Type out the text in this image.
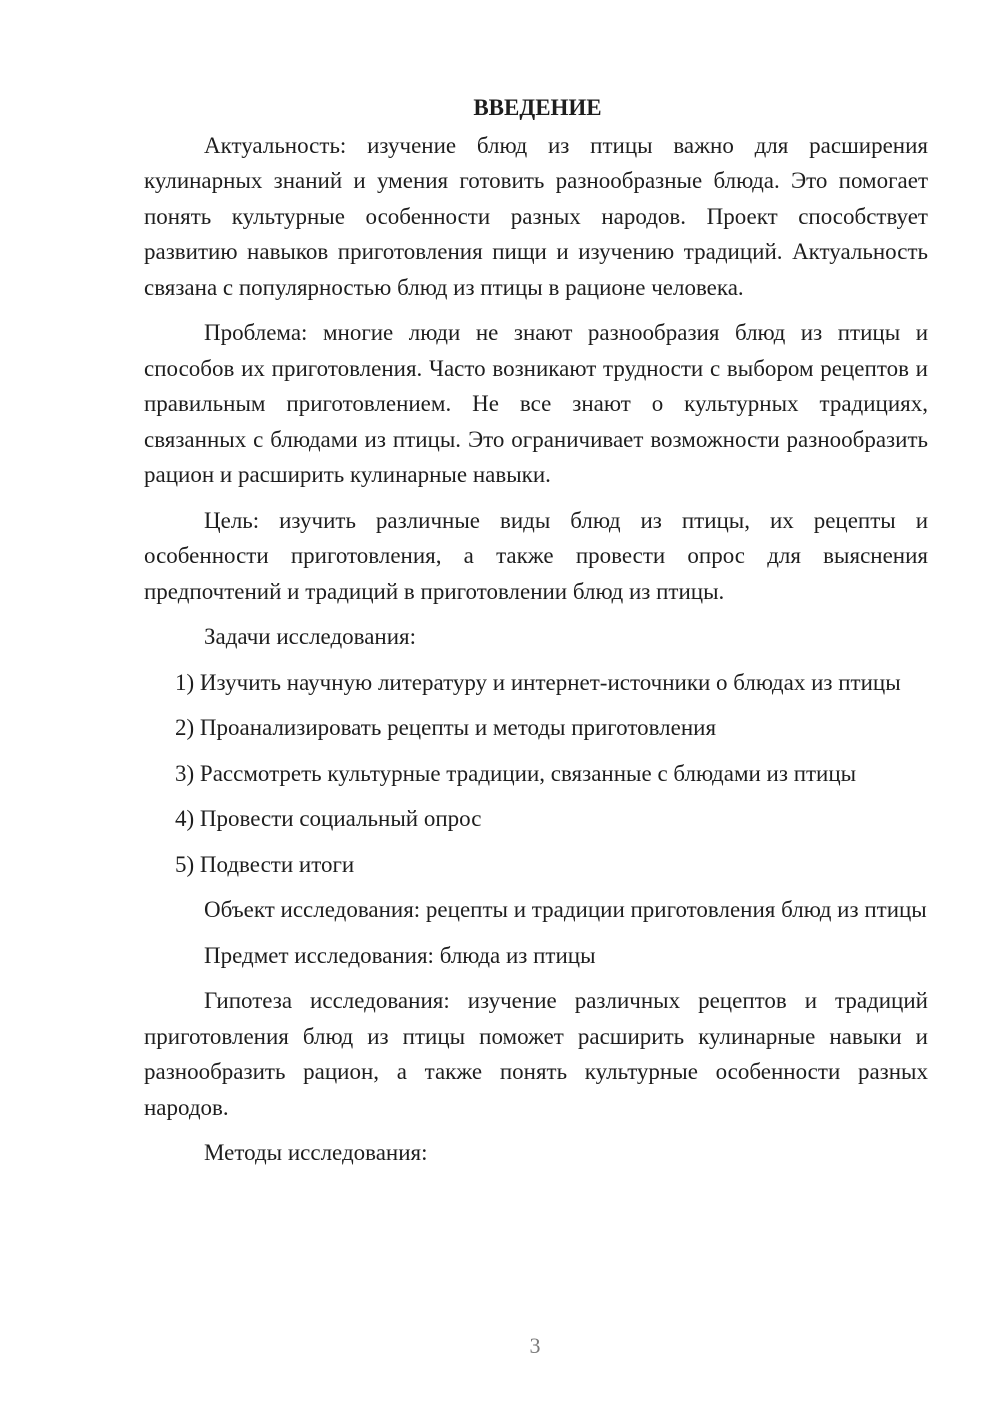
ВВЕДЕНИЕ

Актуальность: изучение блюд из птицы важно для расширения кулинарных знаний и умения готовить разнообразные блюда. Это помогает понять культурные особенности разных народов. Проект способствует развитию навыков приготовления пищи и изучению традиций. Актуальность связана с популярностью блюд из птицы в рационе человека.

Проблема: многие люди не знают разнообразия блюд из птицы и способов их приготовления. Часто возникают трудности с выбором рецептов и правильным приготовлением. Не все знают о культурных традициях, связанных с блюдами из птицы. Это ограничивает возможности разнообразить рацион и расширить кулинарные навыки.

Цель: изучить различные виды блюд из птицы, их рецепты и особенности приготовления, а также провести опрос для выяснения предпочтений и традиций в приготовлении блюд из птицы.

Задачи исследования:

1) Изучить научную литературу и интернет-источники о блюдах из птицы

2) Проанализировать рецепты и методы приготовления

3) Рассмотреть культурные традиции, связанные с блюдами из птицы

4) Провести социальный опрос

5) Подвести итоги

Объект исследования: рецепты и традиции приготовления блюд из птицы

Предмет исследования: блюда из птицы

Гипотеза исследования: изучение различных рецептов и традиций приготовления блюд из птицы поможет расширить кулинарные навыки и разнообразить рацион, а также понять культурные особенности разных народов.

Методы исследования:

3
